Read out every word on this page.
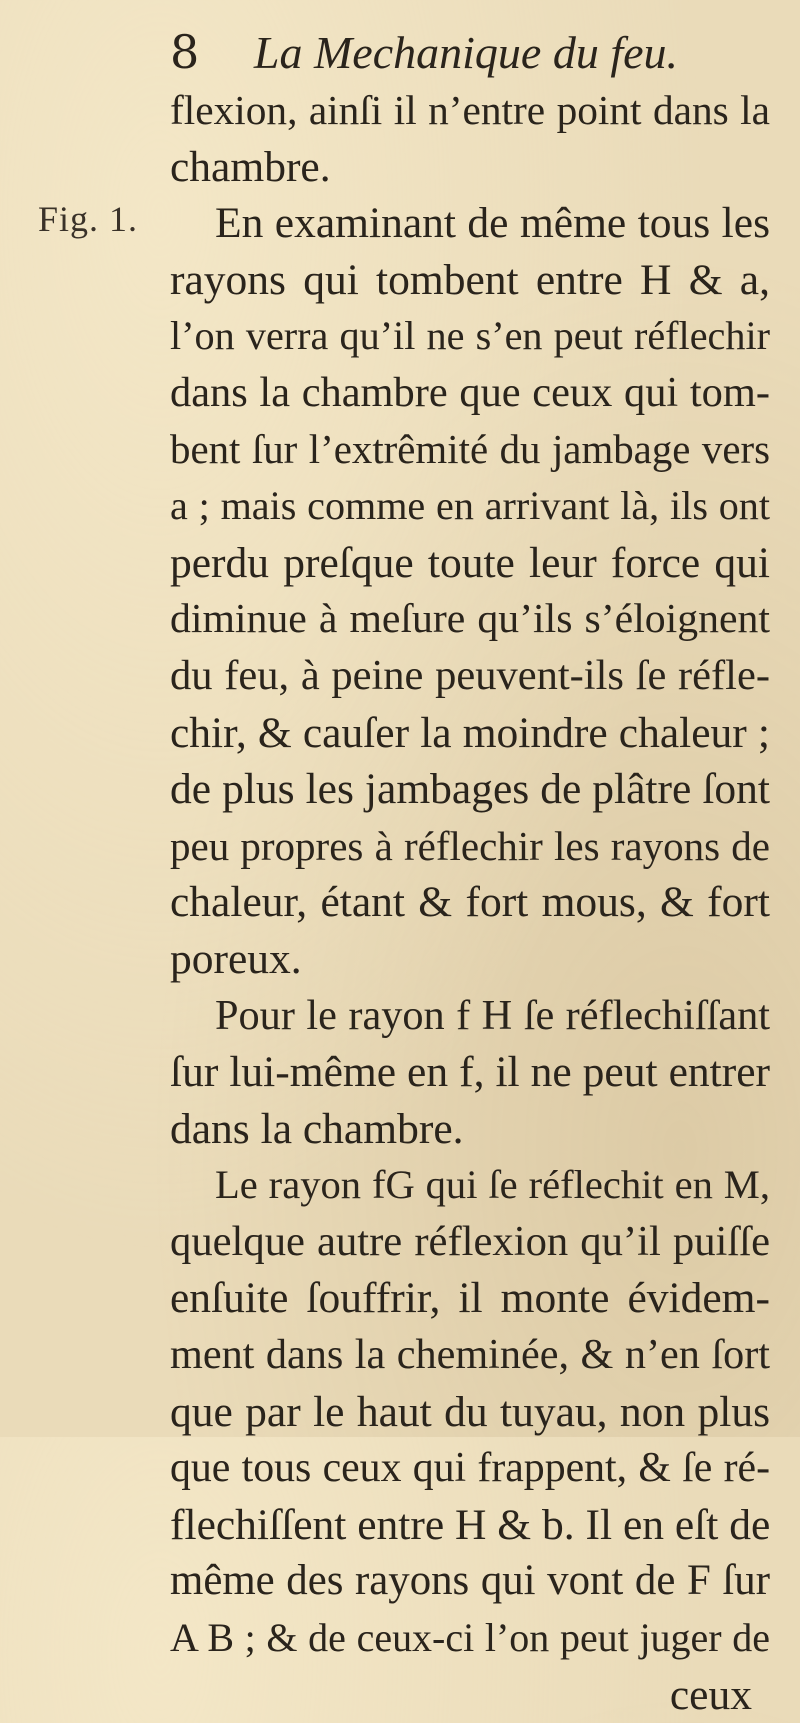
8 La Mechanique du feu.
Fig. 1.
flexion, ainſi il n’entre point dans la
chambre.
En examinant de même tous les
rayons qui tombent entre H & a,
l’on verra qu’il ne s’en peut réflechir
dans la chambre que ceux qui tom-
bent ſur l’extrêmité du jambage vers
a ; mais comme en arrivant là, ils ont
perdu preſque toute leur force qui
diminue à meſure qu’ils s’éloignent
du feu, à peine peuvent-ils ſe réfle-
chir, & cauſer la moindre chaleur ;
de plus les jambages de plâtre ſont
peu propres à réflechir les rayons de
chaleur, étant & fort mous, & fort
poreux.
Pour le rayon f H ſe réflechiſſant
ſur lui-même en f, il ne peut entrer
dans la chambre.
Le rayon fG qui ſe réflechit en M,
quelque autre réflexion qu’il puiſſe
enſuite ſouffrir, il monte évidem-
ment dans la cheminée, & n’en ſort
que par le haut du tuyau, non plus
que tous ceux qui frappent, & ſe ré-
flechiſſent entre H & b. Il en eſt de
même des rayons qui vont de F ſur
A B ; & de ceux-ci l’on peut juger de
ceux
